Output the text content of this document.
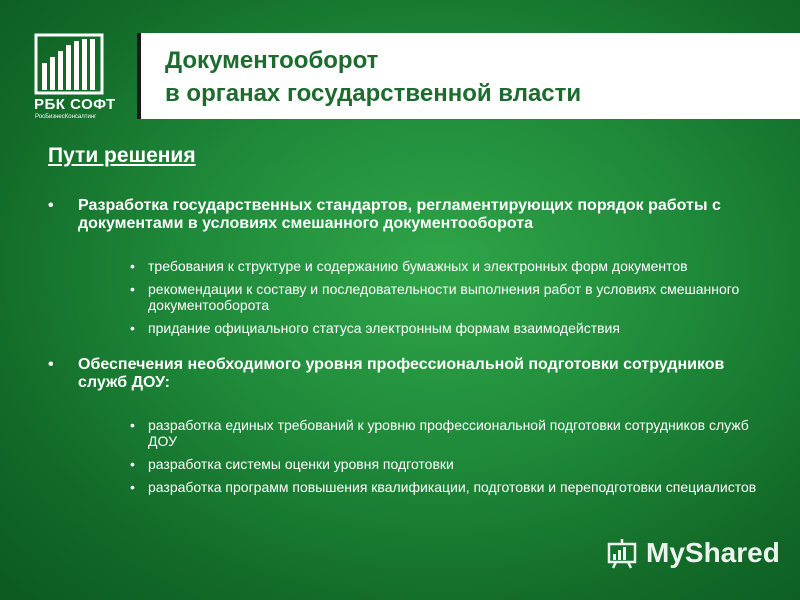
РБК СОФТ
РосБизнесКонсалтинг
Документооборот
в органах государственной власти
Пути решения
• Разработка государственных стандартов, регламентирующих порядок работы с документами в условиях смешанного документооборота
• требования к структуре и содержанию бумажных и электронных форм документов
• рекомендации к составу и последовательности выполнения работ в условиях смешанного документооборота
• придание официального статуса электронным формам взаимодействия
• Обеспечения необходимого уровня профессиональной подготовки сотрудников служб ДОУ:
• разработка единых требований к уровню профессиональной подготовки сотрудников служб ДОУ
• разработка системы оценки уровня подготовки
• разработка программ повышения квалификации, подготовки и переподготовки специалистов
MyShared
